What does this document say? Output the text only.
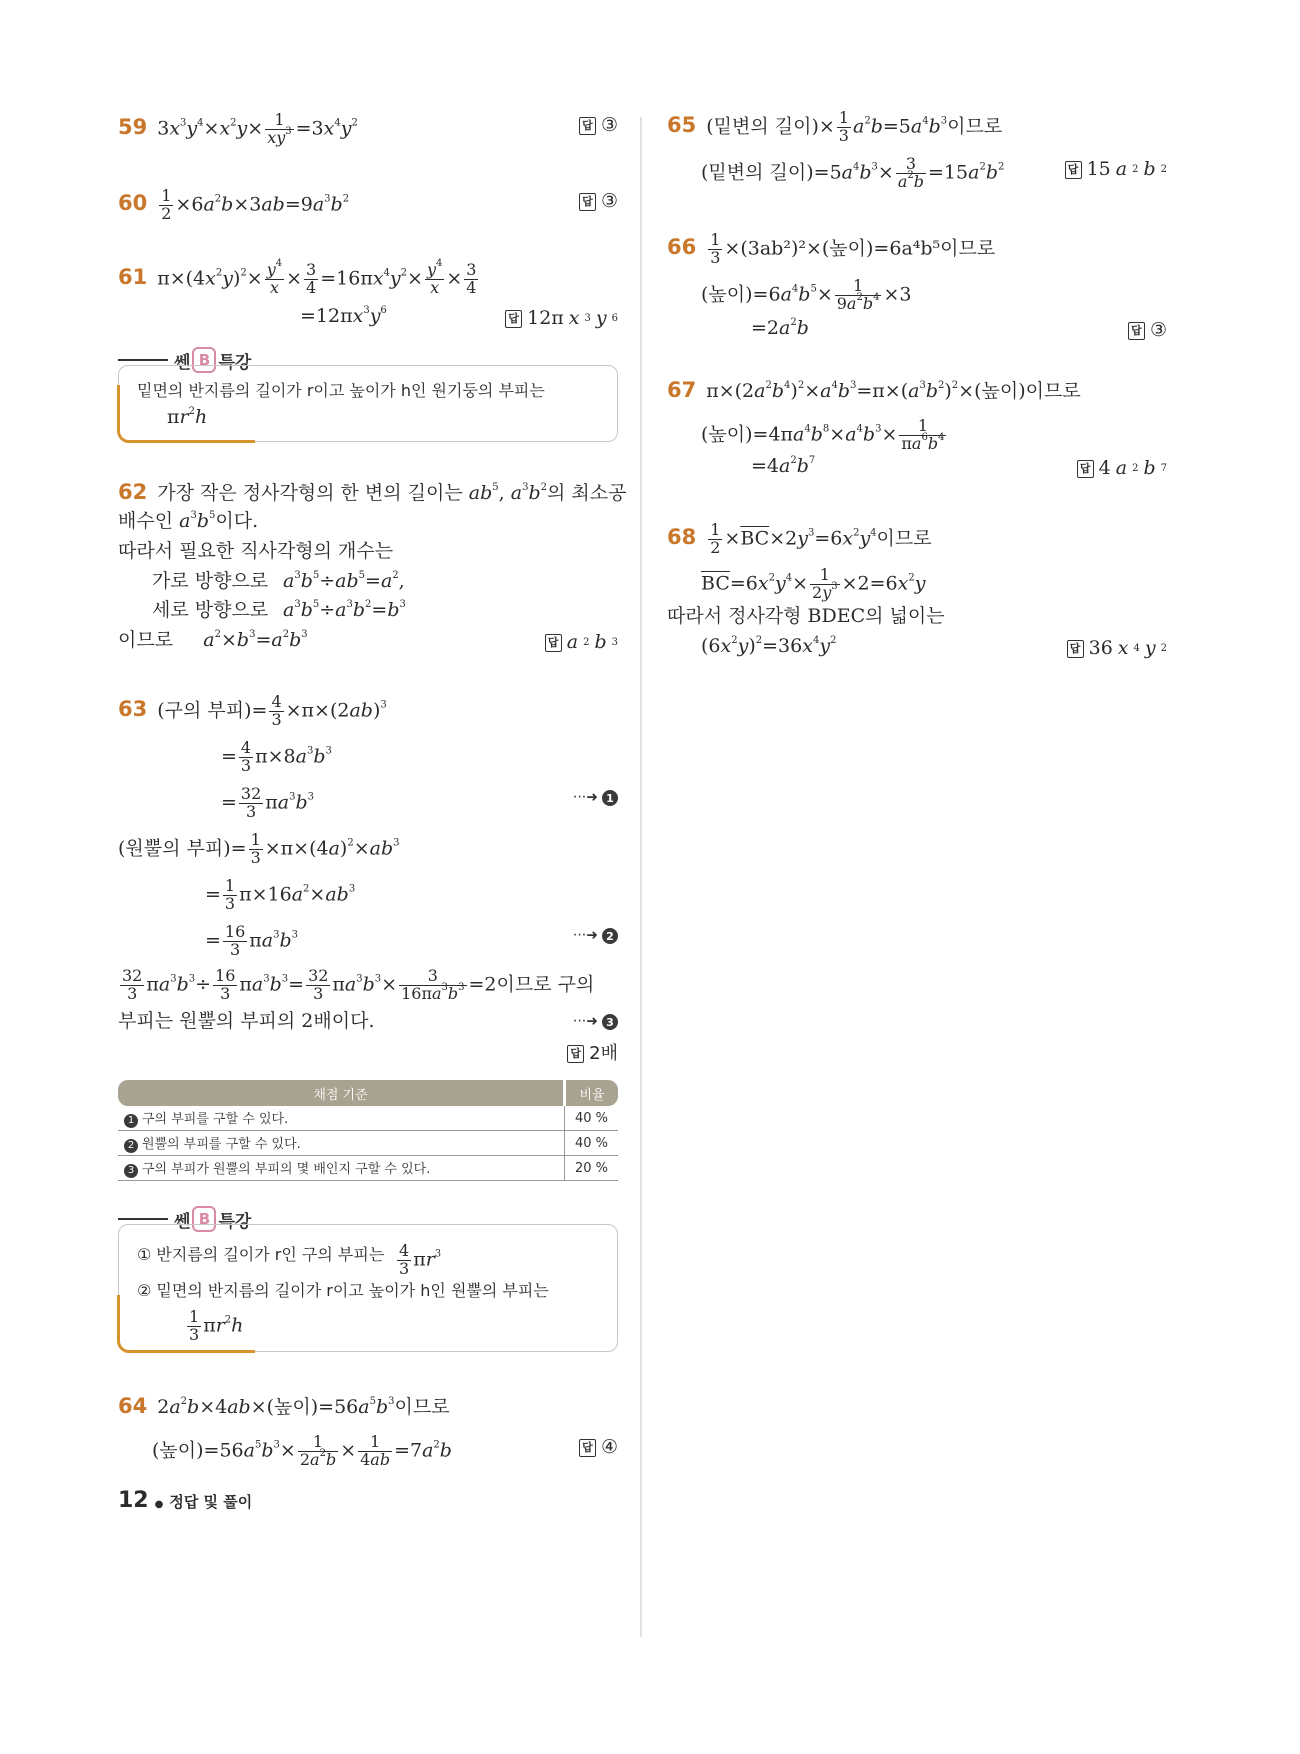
59 $3x^3y^4\times x^2y\times \frac{1}{xy^3} =3x^4y^2$	답 ③
$60 \frac{1}{2} \times 6a^2b\times 3ab=9a^3b^2$	답 ③
61 $\pi\times(4x^2y)^2\times \frac{y^4}{x} \times \frac{3}{4} =16\pi x^4y^2\times \frac{y^4}{x} \times \frac{3}{4}$
$=12\pi x^3y^6$
답 12π x 3 y 6
쎈 B 특강
밑면의 반지름의 길이가 r이고 높이가 h인 원기둥의 부피는
$\pi r^2h$
62 가장 작은 정사각형의 한 변의 길이는 $ab^5$, $a^3b^2$의 최소공
배수인 $a^3b^5$이다.
따라서 필요한 직사각형의 개수는
가로 방향으로 $a^3b^5\div ab^5=a^2$,
세로 방향으로 $a^3b^5\div a^3b^2=b^3$
이므로 $a^2\times b^3=a^2b^3$
답 a 2 b 3
63 (구의 부피)= $\frac{4}{3} \times\pi\times(2ab)^3$
= $\frac{4}{3} \pi\times 8a^3b^3$
= $\frac{32}{3} \pi a^3b^3$	···➜ 1
(원뿔의 부피)= $\frac{1}{3} \times\pi\times(4a)^2\times ab^3$
= $\frac{1}{3} \pi\times 16a^2\times ab^3$
= $\frac{16}{3} \pi a^3b^3$	···➜ 2
$\frac{32}{3} \pi a^3b^3\div \frac{16}{3} \pi a^3b^3= \frac{32}{3} \pi a^3b^3\times \frac{3}{16\pi a^3b^3} =2$이므로 구의
부피는 원뿔의 부피의 2배이다.	···➜ 3
답 2배
채점 기준	비율
1 구의 부피를 구할 수 있다.	40 %
2 원뿔의 부피를 구할 수 있다.	40 %
3 구의 부피가 원뿔의 부피의 몇 배인지 구할 수 있다.	20 %
쎈 B 특강
① 반지름의 길이가 r인 구의 부피는 $\frac{4}{3} \pi r^3$
② 밑면의 반지름의 길이가 r이고 높이가 h인 원뿔의 부피는
$\frac{1}{3} \pi r^2h$
64 $2a^2b\times 4ab\times$(높이)$=56a^5b^3$이므로
(높이)$=56a^5b^3\times \frac{1}{2a^2b} \times \frac{1}{4ab} =7a^2b$	답 ④
65 (밑변의 길이)× $\frac{1}{3} a^2b=5a^4b^3$이므로
(밑변의 길이)$=5a^4b^3\times \frac{3}{a^2b} =15a^2b^2$	답 15 a 2 b 2
$66 \frac{1}{3} \times(3ab^2)^2\times$(높이)=6a⁴b⁵이므로
(높이)$=6a^4b^5\times \frac{1}{9a^2b^4} \times 3$
$=2a^2b$	답 ③
67 $\pi\times(2a^2b^4)^2\times a^4b^3=\pi\times(a^3b^2)^2\times$(높이)이므로
(높이)$=4\pi a^4b^8\times a^4b^3\times \frac{1}{\pi a^6b^4}$
$=4a^2b^7$
답 4 a 2 b 7
$68 \frac{1}{2} \times\overline{BC}\times 2y^3=6x^2y^4$이므로
$\overline{BC}=6x^2y^4\times \frac{1}{2y^3} \times 2=6x^2y$
따라서 정사각형 BDEC의 넓이는
$(6x^2y)^2=36x^4y^2$
답 36 x 4 y 2
12 ● 정답 및 풀이
